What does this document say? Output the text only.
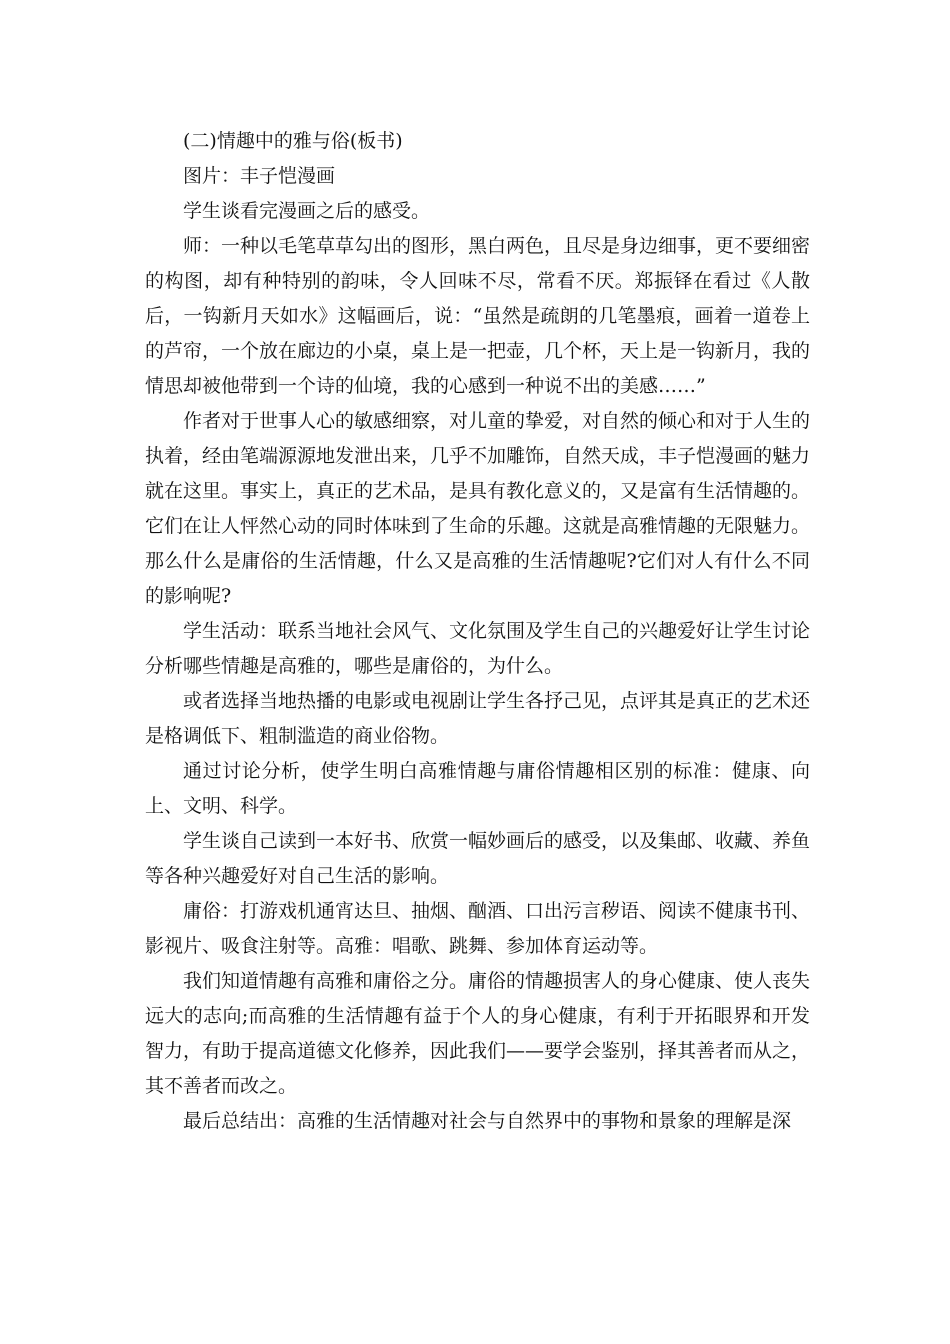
(二)情趣中的雅与俗(板书)

图片：丰子恺漫画

学生谈看完漫画之后的感受。

师：一种以毛笔草草勾出的图形，黑白两色，且尽是身边细事，更不要细密的构图，却有种特别的韵味，令人回味不尽，常看不厌。郑振铎在看过《人散后，一钩新月天如水》这幅画后，说：“虽然是疏朗的几笔墨痕，画着一道卷上的芦帘，一个放在廊边的小桌，桌上是一把壶，几个杯，天上是一钩新月，我的情思却被他带到一个诗的仙境，我的心感到一种说不出的美感……”

作者对于世事人心的敏感细察，对儿童的挚爱，对自然的倾心和对于人生的执着，经由笔端源源地发泄出来，几乎不加雕饰，自然天成，丰子恺漫画的魅力就在这里。事实上，真正的艺术品，是具有教化意义的，又是富有生活情趣的。它们在让人怦然心动的同时体味到了生命的乐趣。这就是高雅情趣的无限魅力。那么什么是庸俗的生活情趣，什么又是高雅的生活情趣呢?它们对人有什么不同的影响呢?

学生活动：联系当地社会风气、文化氛围及学生自己的兴趣爱好让学生讨论分析哪些情趣是高雅的，哪些是庸俗的，为什么。

或者选择当地热播的电影或电视剧让学生各抒己见，点评其是真正的艺术还是格调低下、粗制滥造的商业俗物。

通过讨论分析，使学生明白高雅情趣与庸俗情趣相区别的标准：健康、向上、文明、科学。

学生谈自己读到一本好书、欣赏一幅妙画后的感受，以及集邮、收藏、养鱼等各种兴趣爱好对自己生活的影响。

庸俗：打游戏机通宵达旦、抽烟、酗酒、口出污言秽语、阅读不健康书刊、影视片、吸食注射等。高雅：唱歌、跳舞、参加体育运动等。

我们知道情趣有高雅和庸俗之分。庸俗的情趣损害人的身心健康、使人丧失远大的志向;而高雅的生活情趣有益于个人的身心健康，有利于开拓眼界和开发智力，有助于提高道德文化修养，因此我们——要学会鉴别，择其善者而从之，其不善者而改之。

最后总结出：高雅的生活情趣对社会与自然界中的事物和景象的理解是深
